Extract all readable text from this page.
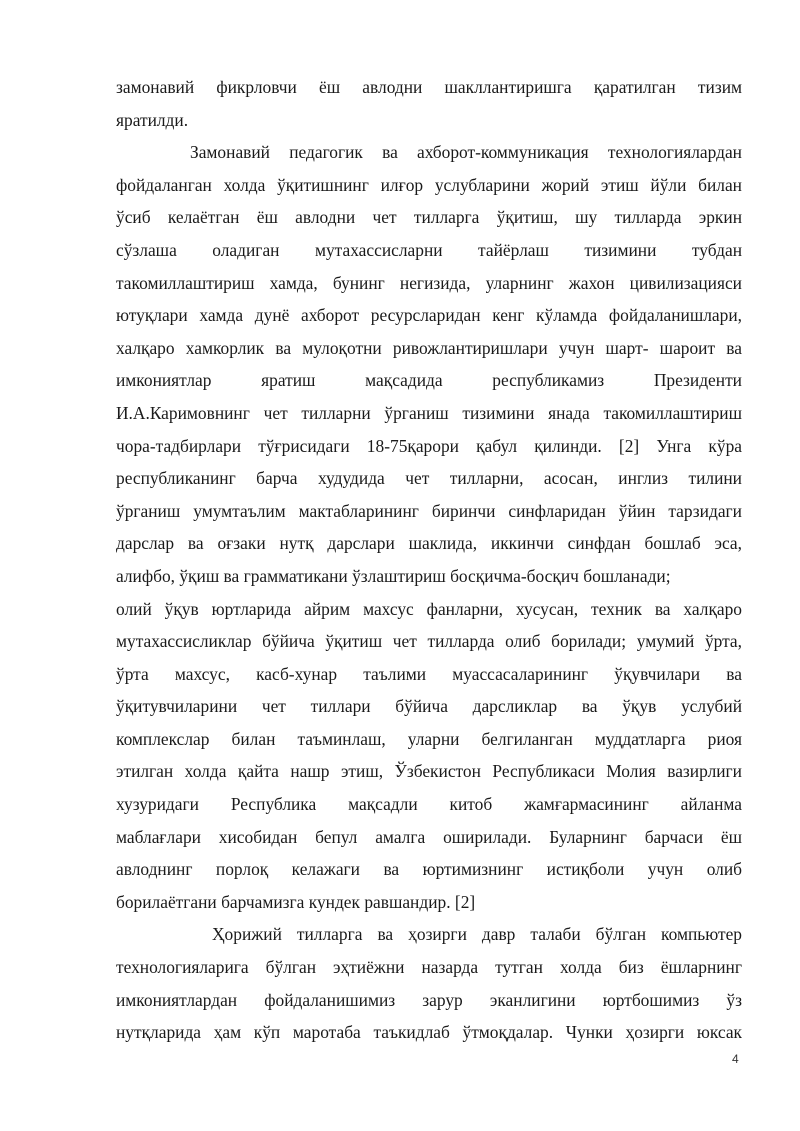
замонавий фикрловчи ёш авлодни шакллантиришга қаратилган тизим
яратилди.
Замонавий педагогик ва ахборот-коммуникация технологиялардан
фойдаланган холда ўқитишнинг илғор услубларини жорий этиш йўли билан
ўсиб келаётган ёш авлодни чет тилларга ўқитиш, шу тилларда эркин
сўзлаша оладиган мутахассисларни тайёрлаш тизимини тубдан
такомиллаштириш хамда, бунинг негизида, уларнинг жахон цивилизацияси
ютуқлари хамда дунё ахборот ресурсларидан кенг кўламда фойдаланишлари,
халқаро хамкорлик ва мулоқотни ривожлантиришлари учун шарт- шароит ва
имкониятлар яратиш мақсадида республикамиз Президенти
И.А.Каримовнинг чет тилларни ўрганиш тизимини янада такомиллаштириш
чора-тадбирлари тўғрисидаги 18-75қарори қабул қилинди. [2] Унга кўра
республиканинг барча худудида чет тилларни, асосан, инглиз тилини
ўрганиш умумтаълим мактабларининг биринчи синфларидан ўйин тарзидаги
дарслар ва оғзаки нутқ дарслари шаклида, иккинчи синфдан бошлаб эса,
алифбо, ўқиш ва грамматикани ўзлаштириш босқичма-босқич бошланади;
олий ўқув юртларида айрим махсус фанларни, хусусан, техник ва халқаро
мутахассисликлар бўйича ўқитиш чет тилларда олиб борилади; умумий ўрта,
ўрта махсус, касб-хунар таълими муассасаларининг ўқувчилари ва
ўқитувчиларини чет тиллари бўйича дарсликлар ва ўқув услубий
комплекслар билан таъминлаш, уларни белгиланган муддатларга риоя
этилган холда қайта нашр этиш, Ўзбекистон Республикаси Молия вазирлиги
хузуридаги Республика мақсадли китоб жамғармасининг айланма
маблағлари хисобидан бепул амалга оширилади. Буларнинг барчаси ёш
авлоднинг порлоқ келажаги ва юртимизнинг истиқболи учун олиб
борилаётгани барчамизга кундек равшандир. [2]
Ҳорижий тилларга ва ҳозирги давр талаби бўлган компьютер
технологияларига бўлган эҳтиёжни назарда тутган холда биз ёшларнинг
имкониятлардан фойдаланишимиз зарур эканлигини юртбошимиз ўз
нутқларида ҳам кўп маротаба таъкидлаб ўтмоқдалар. Чунки ҳозирги юксак
4
